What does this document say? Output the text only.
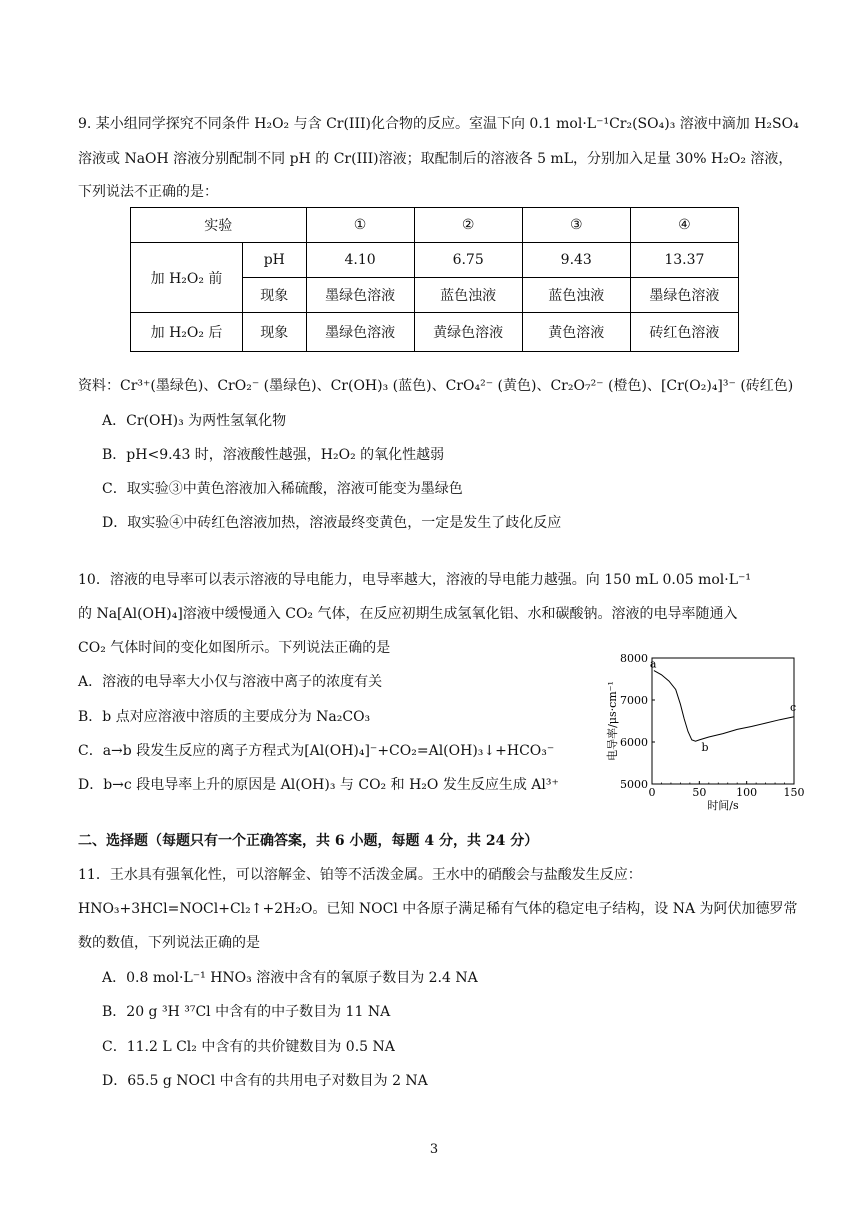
9. 某小组同学探究不同条件 H₂O₂ 与含 Cr(III)化合物的反应。室温下向 0.1 mol·L⁻¹Cr₂(SO₄)₃ 溶液中滴加 H₂SO₄
溶液或 NaOH 溶液分别配制不同 pH 的 Cr(III)溶液；取配制后的溶液各 5 mL，分别加入足量 30% H₂O₂ 溶液，
下列说法不正确的是：
实验		①	②	③	④
加 H₂O₂ 前	pH	4.10	6.75	9.43	13.37
	现象	墨绿色溶液	蓝色浊液	蓝色浊液	墨绿色溶液
加 H₂O₂ 后	现象	墨绿色溶液	黄绿色溶液	黄色溶液	砖红色溶液
资料：Cr³⁺(墨绿色)、CrO₂⁻ (墨绿色)、Cr(OH)₃ (蓝色)、CrO₄²⁻ (黄色)、Cr₂O₇²⁻ (橙色)、[Cr(O₂)₄]³⁻ (砖红色)
A．Cr(OH)₃ 为两性氢氧化物
B．pH<9.43 时，溶液酸性越强，H₂O₂ 的氧化性越弱
C．取实验③中黄色溶液加入稀硫酸，溶液可能变为墨绿色
D．取实验④中砖红色溶液加热，溶液最终变黄色，一定是发生了歧化反应
10．溶液的电导率可以表示溶液的导电能力，电导率越大，溶液的导电能力越强。向 150 mL 0.05 mol·L⁻¹
的 Na[Al(OH)₄]溶液中缓慢通入 CO₂ 气体，在反应初期生成氢氧化铝、水和碳酸钠。溶液的电导率随通入
CO₂ 气体时间的变化如图所示。下列说法正确的是
A．溶液的电导率大小仅与溶液中离子的浓度有关
B．b 点对应溶液中溶质的主要成分为 Na₂CO₃
C．a→b 段发生反应的离子方程式为[Al(OH)₄]⁻+CO₂=Al(OH)₃↓+HCO₃⁻
D．b→c 段电导率上升的原因是 Al(OH)₃ 与 CO₂ 和 H₂O 发生反应生成 Al³⁺	0	50	100 150
5000
6000
7000
8000
时间/s
电导率/μs·cm⁻¹
a
b
c
二、选择题（每题只有一个正确答案，共 6 小题，每题 4 分，共 24 分）
11．王水具有强氧化性，可以溶解金、铂等不活泼金属。王水中的硝酸会与盐酸发生反应：
HNO₃+3HCl=NOCl+Cl₂↑+2H₂O。已知 NOCl 中各原子满足稀有气体的稳定电子结构，设 NA 为阿伏加德罗常
数的数值，下列说法正确的是
A．0.8 mol·L⁻¹ HNO₃ 溶液中含有的氧原子数目为 2.4 NA
B．20 g ³H ³⁷Cl 中含有的中子数目为 11 NA
C．11.2 L Cl₂ 中含有的共价键数目为 0.5 NA
D．65.5 g NOCl 中含有的共用电子对数目为 2 NA
3
